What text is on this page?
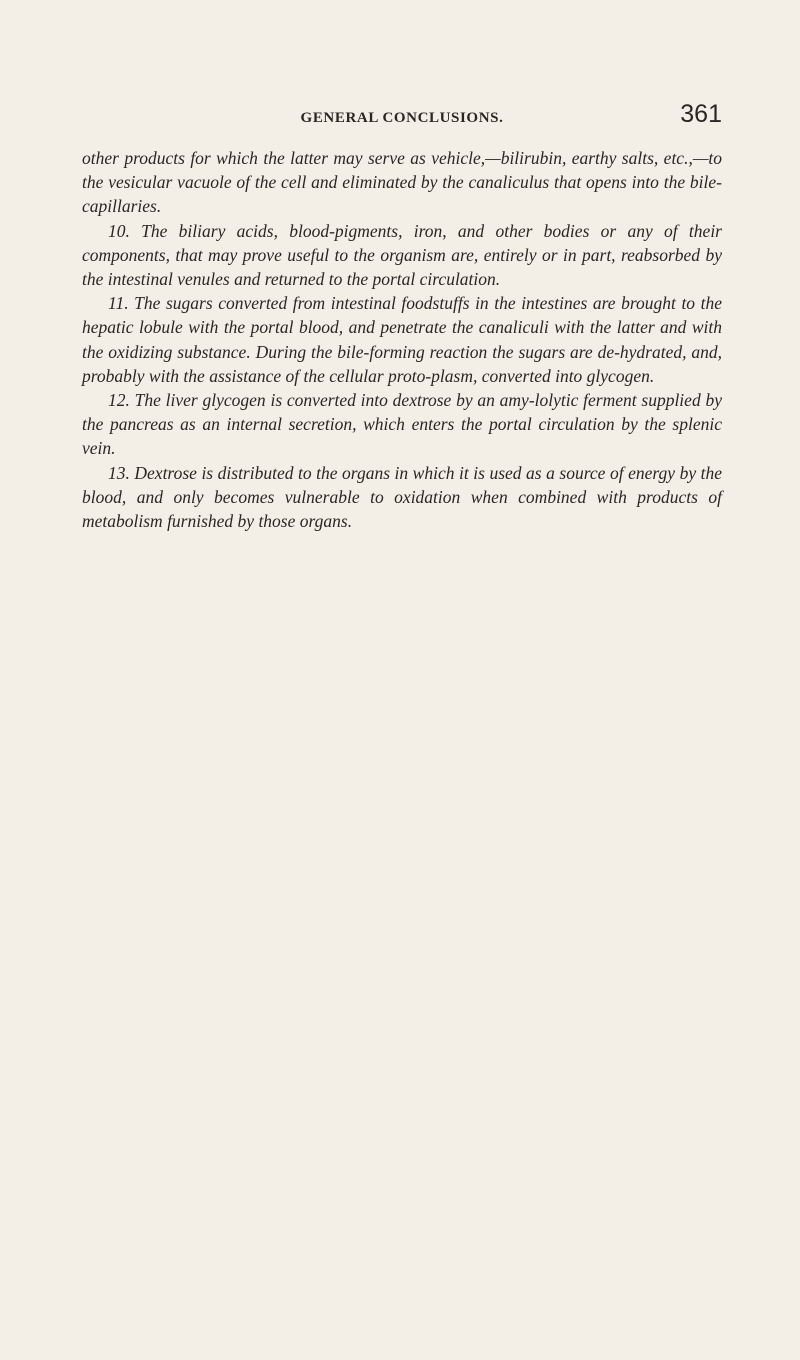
GENERAL CONCLUSIONS.	361

other products for which the latter may serve as vehicle,—bilirubin, earthy salts, etc.,—to the vesicular vacuole of the cell and eliminated by the canaliculus that opens into the bile-capillaries.

10. The biliary acids, blood-pigments, iron, and other bodies or any of their components, that may prove useful to the organism are, entirely or in part, reabsorbed by the intestinal venules and returned to the portal circulation.

11. The sugars converted from intestinal foodstuffs in the intestines are brought to the hepatic lobule with the portal blood, and penetrate the canaliculi with the latter and with the oxidizing substance. During the bile-forming reaction the sugars are de-hydrated, and, probably with the assistance of the cellular proto-plasm, converted into glycogen.

12. The liver glycogen is converted into dextrose by an amy-lolytic ferment supplied by the pancreas as an internal secretion, which enters the portal circulation by the splenic vein.

13. Dextrose is distributed to the organs in which it is used as a source of energy by the blood, and only becomes vulnerable to oxidation when combined with products of metabolism furnished by those organs.
